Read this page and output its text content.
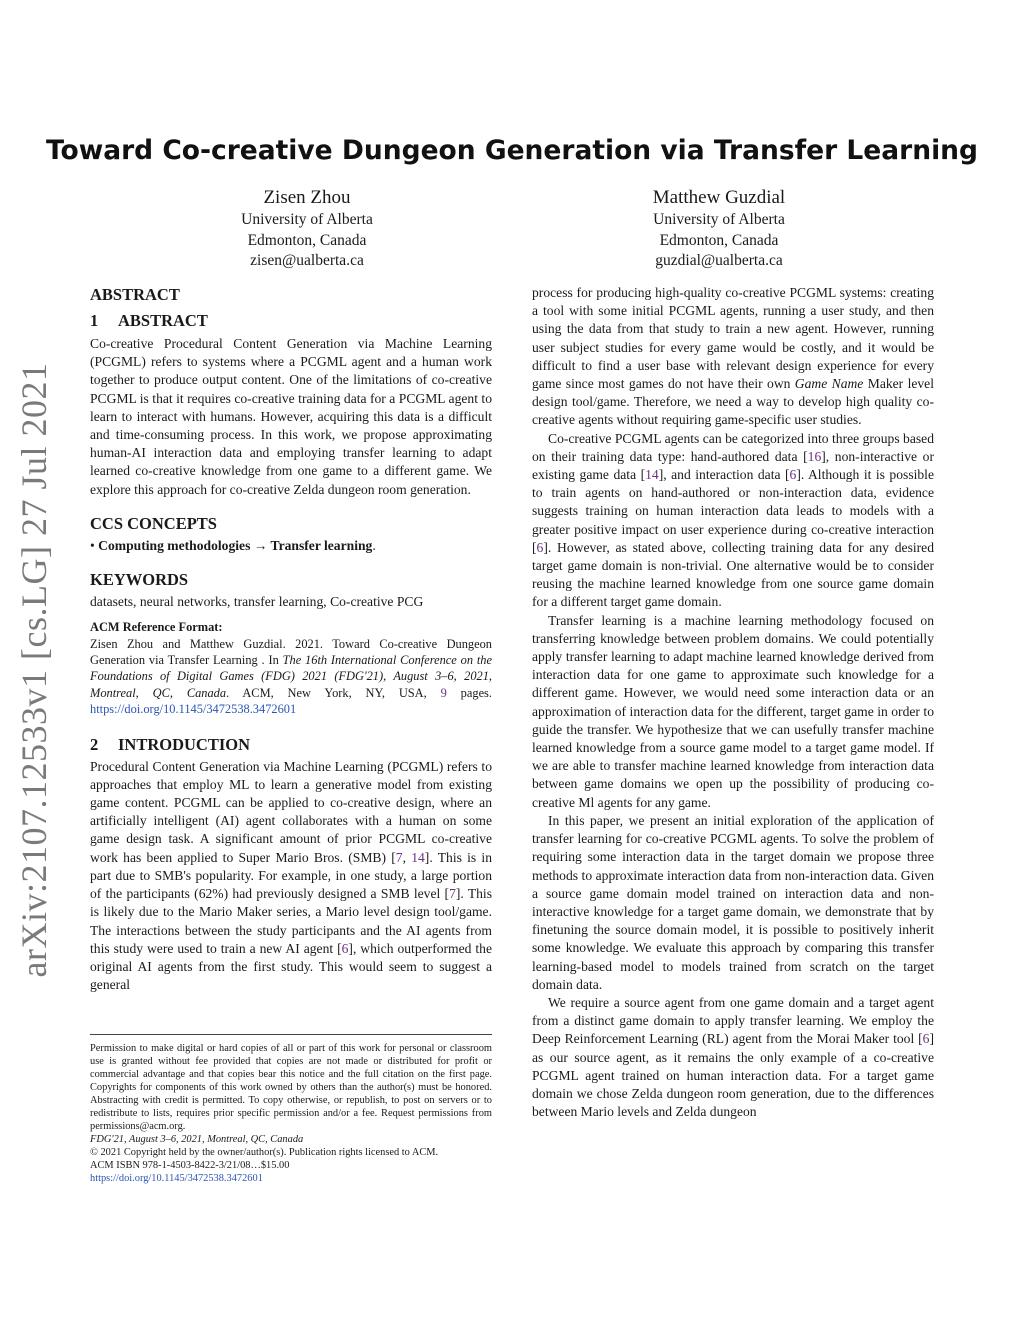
arXiv:2107.12533v1 [cs.LG] 27 Jul 2021
Toward Co-creative Dungeon Generation via Transfer Learning
Zisen Zhou
University of Alberta
Edmonton, Canada
zisen@ualberta.ca
Matthew Guzdial
University of Alberta
Edmonton, Canada
guzdial@ualberta.ca
ABSTRACT
1 ABSTRACT

Co-creative Procedural Content Generation via Machine Learning (PCGML) refers to systems where a PCGML agent and a human work together to produce output content. One of the limitations of co-creative PCGML is that it requires co-creative training data for a PCGML agent to learn to interact with humans. However, acquiring this data is a difficult and time-consuming process. In this work, we propose approximating human-AI interaction data and employing transfer learning to adapt learned co-creative knowledge from one game to a different game. We explore this approach for co-creative Zelda dungeon room generation.

CCS CONCEPTS

• Computing methodologies → Transfer learning.

KEYWORDS

datasets, neural networks, transfer learning, Co-creative PCG

ACM Reference Format:

Zisen Zhou and Matthew Guzdial. 2021. Toward Co-creative Dungeon Generation via Transfer Learning . In The 16th International Conference on the Foundations of Digital Games (FDG) 2021 (FDG'21), August 3–6, 2021, Montreal, QC, Canada. ACM, New York, NY, USA, 9 pages. https://doi.org/10.1145/3472538.3472601

2 INTRODUCTION

Procedural Content Generation via Machine Learning (PCGML) refers to approaches that employ ML to learn a generative model from existing game content. PCGML can be applied to co-creative design, where an artificially intelligent (AI) agent collaborates with a human on some game design task. A significant amount of prior PCGML co-creative work has been applied to Super Mario Bros. (SMB) [7, 14]. This is in part due to SMB's popularity. For example, in one study, a large portion of the participants (62%) had previously designed a SMB level [7]. This is likely due to the Mario Maker series, a Mario level design tool/game. The interactions between the study participants and the AI agents from this study were used to train a new AI agent [6], which outperformed the original AI agents from the first study. This would seem to suggest a general

Permission to make digital or hard copies of all or part of this work for personal or classroom use is granted without fee provided that copies are not made or distributed for profit or commercial advantage and that copies bear this notice and the full citation on the first page. Copyrights for components of this work owned by others than the author(s) must be honored. Abstracting with credit is permitted. To copy otherwise, or republish, to post on servers or to redistribute to lists, requires prior specific permission and/or a fee. Request permissions from permissions@acm.org.

FDG'21, August 3–6, 2021, Montreal, QC, Canada

© 2021 Copyright held by the owner/author(s). Publication rights licensed to ACM.

ACM ISBN 978-1-4503-8422-3/21/08…$15.00

https://doi.org/10.1145/3472538.3472601

process for producing high-quality co-creative PCGML systems: creating a tool with some initial PCGML agents, running a user study, and then using the data from that study to train a new agent. However, running user subject studies for every game would be costly, and it would be difficult to find a user base with relevant design experience for every game since most games do not have their own Game Name Maker level design tool/game. Therefore, we need a way to develop high quality co-creative agents without requiring game-specific user studies.

Co-creative PCGML agents can be categorized into three groups based on their training data type: hand-authored data [16], non-interactive or existing game data [14], and interaction data [6]. Although it is possible to train agents on hand-authored or non-interaction data, evidence suggests training on human interaction data leads to models with a greater positive impact on user experience during co-creative interaction [6]. However, as stated above, collecting training data for any desired target game domain is non-trivial. One alternative would be to consider reusing the machine learned knowledge from one source game domain for a different target game domain.

Transfer learning is a machine learning methodology focused on transferring knowledge between problem domains. We could potentially apply transfer learning to adapt machine learned knowledge derived from interaction data for one game to approximate such knowledge for a different game. However, we would need some interaction data or an approximation of interaction data for the different, target game in order to guide the transfer. We hypothesize that we can usefully transfer machine learned knowledge from a source game model to a target game model. If we are able to transfer machine learned knowledge from interaction data between game domains we open up the possibility of producing co-creative Ml agents for any game.

In this paper, we present an initial exploration of the application of transfer learning for co-creative PCGML agents. To solve the problem of requiring some interaction data in the target domain we propose three methods to approximate interaction data from non-interaction data. Given a source game domain model trained on interaction data and non-interactive knowledge for a target game domain, we demonstrate that by finetuning the source domain model, it is possible to positively inherit some knowledge. We evaluate this approach by comparing this transfer learning-based model to models trained from scratch on the target domain data.

We require a source agent from one game domain and a target agent from a distinct game domain to apply transfer learning. We employ the Deep Reinforcement Learning (RL) agent from the Morai Maker tool [6] as our source agent, as it remains the only example of a co-creative PCGML agent trained on human interaction data. For a target game domain we chose Zelda dungeon room generation, due to the differences between Mario levels and Zelda dungeon
